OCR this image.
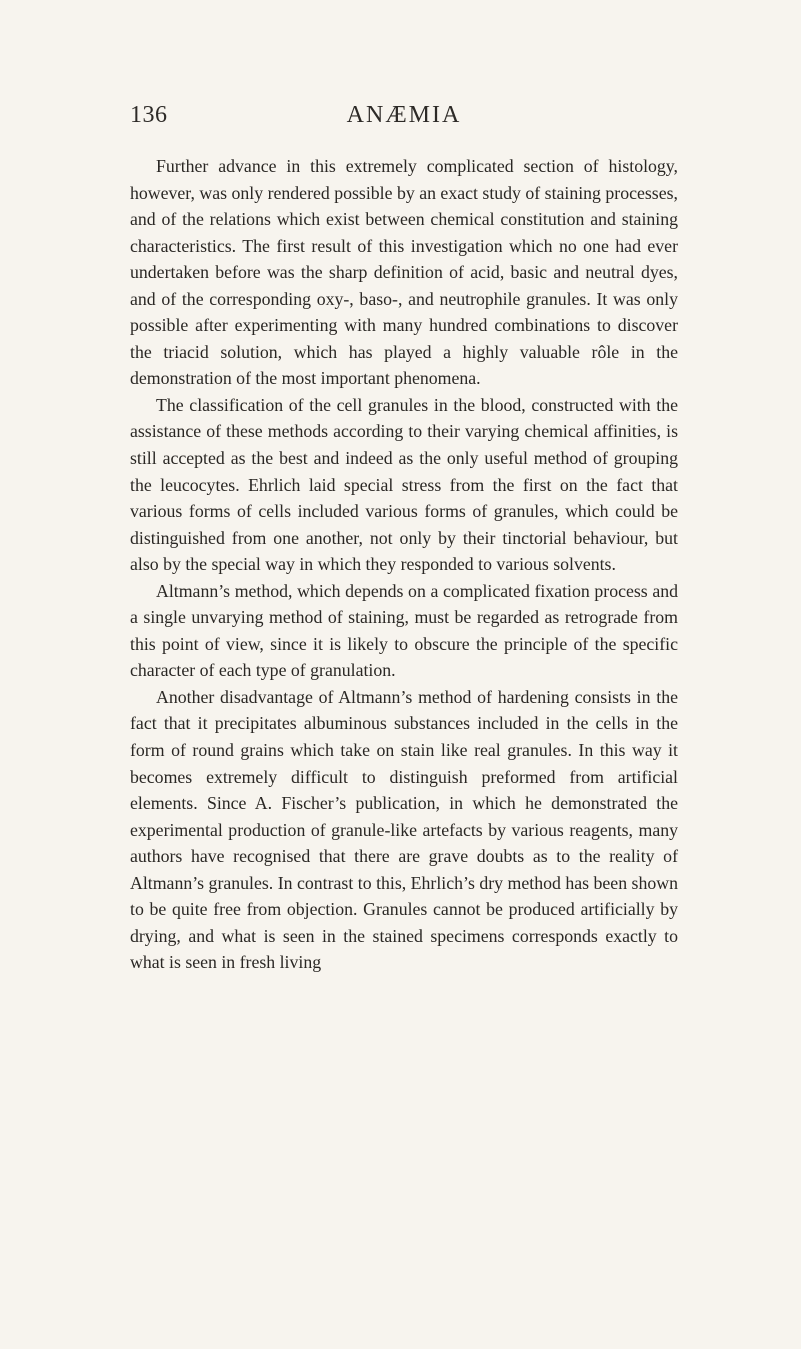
136	ANÆMIA

Further advance in this extremely complicated section of histology, however, was only rendered possible by an exact study of staining processes, and of the relations which exist between chemical constitution and staining characteristics. The first result of this investigation which no one had ever undertaken before was the sharp definition of acid, basic and neutral dyes, and of the corresponding oxy-, baso-, and neutrophile granules. It was only possible after experimenting with many hundred combinations to discover the triacid solution, which has played a highly valuable rôle in the demonstration of the most important phenomena.

The classification of the cell granules in the blood, constructed with the assistance of these methods according to their varying chemical affinities, is still accepted as the best and indeed as the only useful method of grouping the leucocytes. Ehrlich laid special stress from the first on the fact that various forms of cells included various forms of granules, which could be distinguished from one another, not only by their tinctorial behaviour, but also by the special way in which they responded to various solvents.

Altmann’s method, which depends on a complicated fixation process and a single unvarying method of staining, must be regarded as retrograde from this point of view, since it is likely to obscure the principle of the specific character of each type of granulation.

Another disadvantage of Altmann’s method of hardening consists in the fact that it precipitates albuminous substances included in the cells in the form of round grains which take on stain like real granules. In this way it becomes extremely difficult to distinguish preformed from artificial elements. Since A. Fischer’s publication, in which he demonstrated the experimental production of granule-like artefacts by various reagents, many authors have recognised that there are grave doubts as to the reality of Altmann’s granules. In contrast to this, Ehrlich’s dry method has been shown to be quite free from objection. Granules cannot be produced artificially by drying, and what is seen in the stained specimens corresponds exactly to what is seen in fresh living
